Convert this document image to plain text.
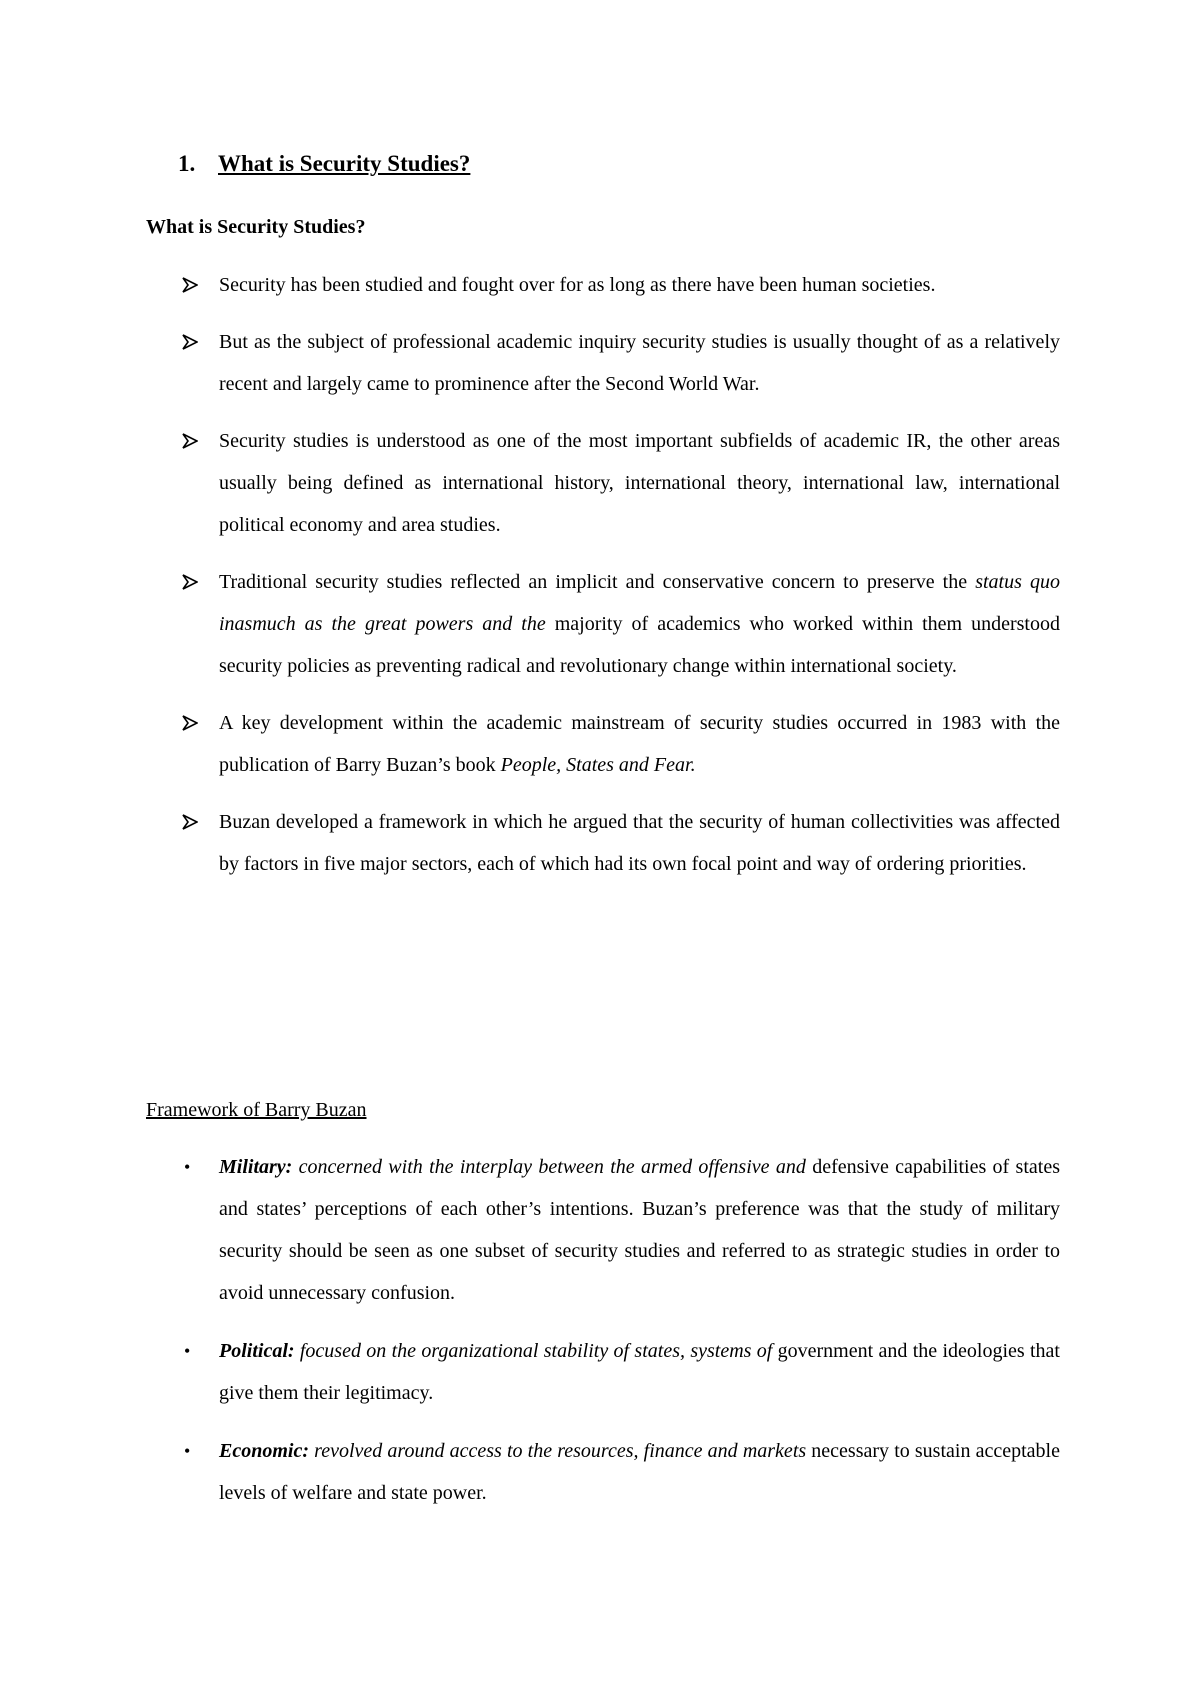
1. What is Security Studies?
What is Security Studies?
Security has been studied and fought over for as long as there have been human societies.
But as the subject of professional academic inquiry security studies is usually thought of as a relatively recent and largely came to prominence after the Second World War.
Security studies is understood as one of the most important subfields of academic IR, the other areas usually being defined as international history, international theory, international law, international political economy and area studies.
Traditional security studies reflected an implicit and conservative concern to preserve the status quo inasmuch as the great powers and the majority of academics who worked within them understood security policies as preventing radical and revolutionary change within international society.
A key development within the academic mainstream of security studies occurred in 1983 with the publication of Barry Buzan’s book People, States and Fear.
Buzan developed a framework in which he argued that the security of human collectivities was affected by factors in five major sectors, each of which had its own focal point and way of ordering priorities.
Framework of Barry Buzan
•	Military: concerned with the interplay between the armed offensive and defensive capabilities of states and states’ perceptions of each other’s intentions. Buzan’s preference was that the study of military security should be seen as one subset of security studies and referred to as strategic studies in order to avoid unnecessary confusion.
•	Political: focused on the organizational stability of states, systems of government and the ideologies that give them their legitimacy.
•	Economic: revolved around access to the resources, finance and markets necessary to sustain acceptable levels of welfare and state power.
